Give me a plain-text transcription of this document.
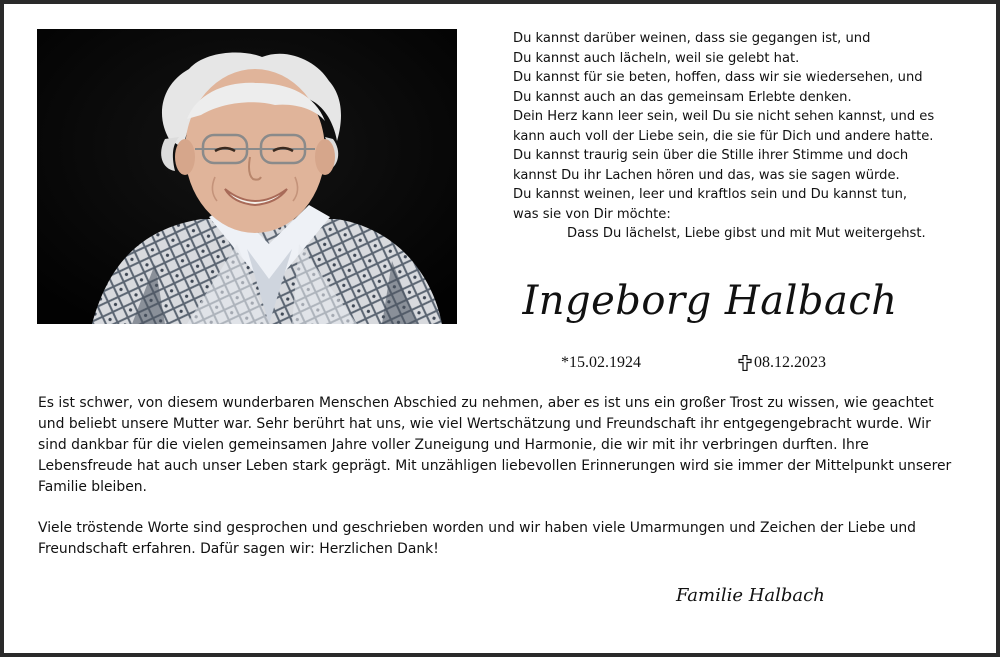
Du kannst darüber weinen, dass sie gegangen ist, und
Du kannst auch lächeln, weil sie gelebt hat.
Du kannst für sie beten, hoffen, dass wir sie wiedersehen, und
Du kannst auch an das gemeinsam Erlebte denken.
Dein Herz kann leer sein, weil Du sie nicht sehen kannst, und es
kann auch voll der Liebe sein, die sie für Dich und andere hatte.
Du kannst traurig sein über die Stille ihrer Stimme und doch
kannst Du ihr Lachen hören und das, was sie sagen würde.
Du kannst weinen, leer und kraftlos sein und Du kannst tun,
was sie von Dir möchte:
Dass Du lächelst, Liebe gibst und mit Mut weitergehst.
Ingeborg Halbach
*15.02.1924	08.12.2023

Es ist schwer, von diesem wunderbaren Menschen Abschied zu nehmen, aber es ist uns ein großer Trost zu wissen, wie geachtet und beliebt unsere Mutter war. Sehr berührt hat uns, wie viel Wertschätzung und Freundschaft ihr entgegengebracht wurde. Wir sind dankbar für die vielen gemeinsamen Jahre voller Zuneigung und Harmonie, die wir mit ihr verbringen durften. Ihre Lebensfreude hat auch unser Leben stark geprägt. Mit unzähligen liebevollen Erinnerungen wird sie immer der Mittelpunkt unserer Familie bleiben.

Viele tröstende Worte sind gesprochen und geschrieben worden und wir haben viele Umarmungen und Zeichen der Liebe und Freundschaft erfahren. Dafür sagen wir: Herzlichen Dank!

Familie Halbach
